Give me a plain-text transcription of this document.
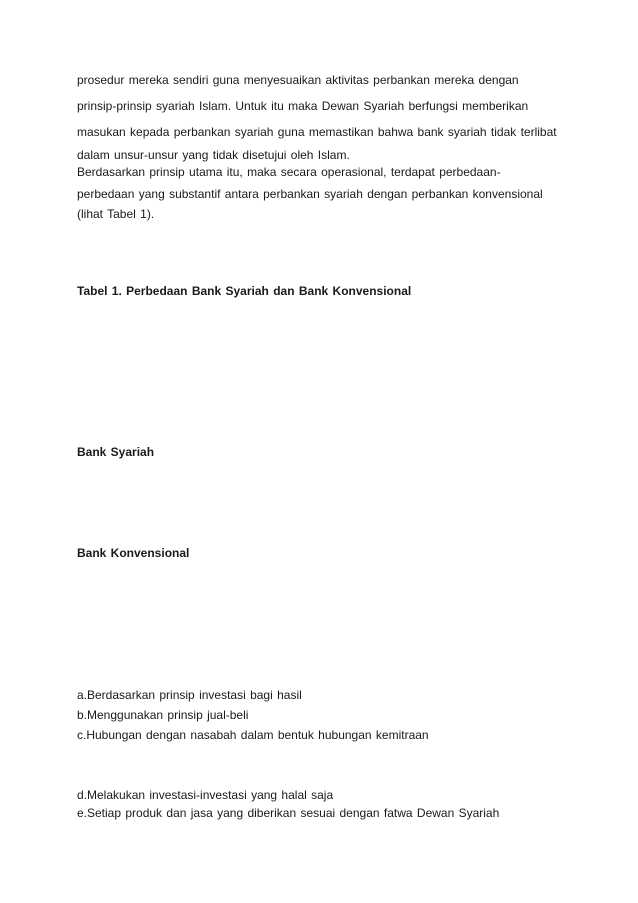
prosedur mereka sendiri guna menyesuaikan aktivitas perbankan mereka dengan
prinsip-prinsip syariah Islam. Untuk itu maka Dewan Syariah berfungsi memberikan
masukan kepada perbankan syariah guna memastikan bahwa bank syariah tidak terlibat
dalam unsur-unsur yang tidak disetujui oleh Islam.
Berdasarkan prinsip utama itu, maka secara operasional, terdapat perbedaan-
perbedaan yang substantif antara perbankan syariah dengan perbankan konvensional
(lihat Tabel 1).
Tabel 1. Perbedaan Bank Syariah dan Bank Konvensional
Bank Syariah
Bank Konvensional
a.Berdasarkan prinsip investasi bagi hasil
b.Menggunakan prinsip jual-beli
c.Hubungan dengan nasabah dalam bentuk hubungan kemitraan
d.Melakukan investasi-investasi yang halal saja
e.Setiap produk dan jasa yang diberikan sesuai dengan fatwa Dewan Syariah
